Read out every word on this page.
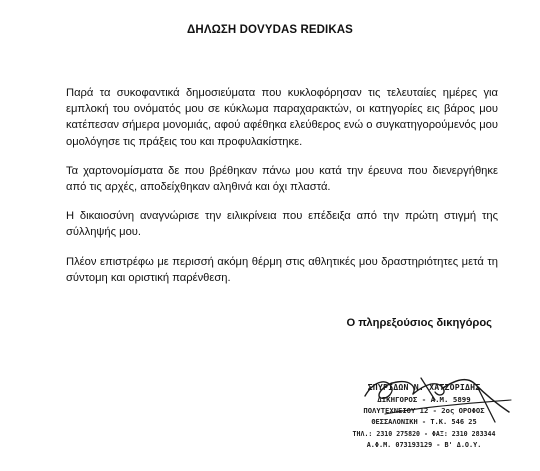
ΔΗΛΩΣΗ DOVYDAS REDIKAS
Παρά τα συκοφαντικά δημοσιεύματα που κυκλοφόρησαν τις τελευταίες ημέρες για εμπλοκή του ονόματός μου σε κύκλωμα παραχαρακτών, οι κατηγορίες εις βάρος μου κατέπεσαν σήμερα μονομιάς, αφού αφέθηκα ελεύθερος ενώ ο συγκατηγορούμενός μου ομολόγησε τις πράξεις του και προφυλακίστηκε.
Τα χαρτονομίσματα δε που βρέθηκαν πάνω μου κατά την έρευνα που διενεργήθηκε από τις αρχές, αποδείχθηκαν αληθινά και όχι πλαστά.
Η δικαιοσύνη αναγνώρισε την ειλικρίνεια που επέδειξα από την πρώτη στιγμή της σύλληψής μου.
Πλέον επιστρέφω με περισσή ακόμη θέρμη στις αθλητικές μου δραστηριότητες μετά τη σύντομη και οριστική παρένθεση.
Ο πληρεξούσιος δικηγόρος
ΣΠΥΡΙΔΩΝ Ν. ΧΑΤΖΟΡΙΔΗΣ
ΔΙΚΗΓΟΡΟΣ - Α.Μ. 5899
ΠΟΛΥΤΕΧΝΕΙΟΥ 12 - 2ος ΟΡΟΦΟΣ
ΘΕΣΣΑΛΟΝΙΚΗ - Τ.Κ. 546 25
ΤΗΛ.: 2310 275820 - ΦΑΞ: 2310 283344
Α.Φ.Μ. 073193129 - Β' Δ.Ο.Υ.
